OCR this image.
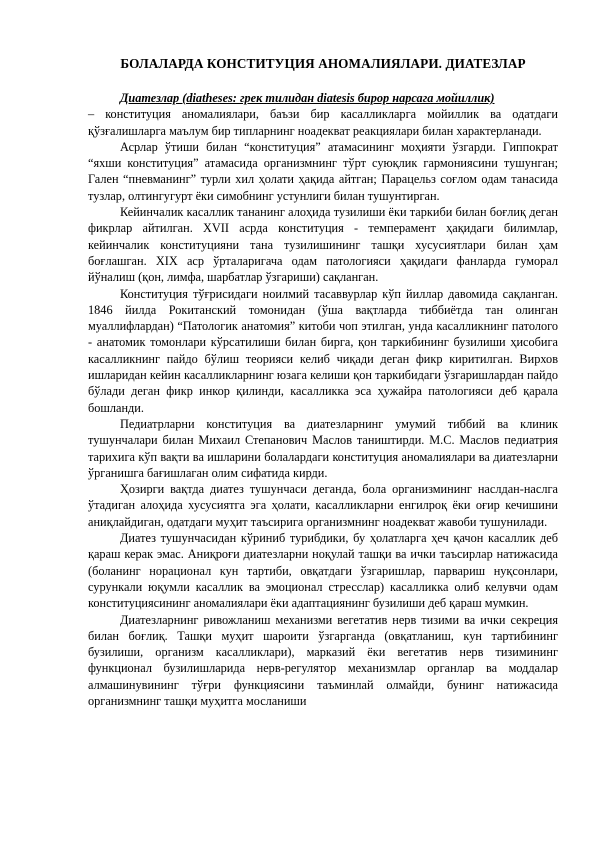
БОЛАЛАРДА КОНСТИТУЦИЯ АНОМАЛИЯЛАРИ. ДИАТЕЗЛАР

Диатезлар (diatheses: грек тилидан diatesis бирор нарсага мойиллик)
– конституция аномалиялари, баъзи бир касалликларга мойиллик ва одатдаги қўзғалишларга маълум бир типларнинг ноадекват реакциялари билан характерланади.

Асрлар ўтиши билан “конституция” атамасининг моҳияти ўзгарди. Гиппократ “яхши конституция” атамасида организмнинг тўрт суюқлик гармониясини тушунган; Гален “пневманинг” турли хил ҳолати ҳақида айтган; Парацельз соғлом одам танасида тузлар, олтингугурт ёки симобнинг устунлиги билан тушунтирган.

Кейинчалик касаллик тананинг алоҳида тузилиши ёки таркиби билан боғлиқ деган фикрлар айтилган. XVII асрда конституция - темперамент ҳақидаги билимлар, кейинчалик конституцияни тана тузилишининг ташқи хусусиятлари билан ҳам боғлашган. XIX аср ўрталаригача одам патологияси ҳақидаги фанларда гуморал йўналиш (қон, лимфа, шарбатлар ўзгариши) сақланган.

Конституция тўғрисидаги ноилмий тасаввурлар кўп йиллар давомида сақланган. 1846 йилда Рокитанский томонидан (ўша вақтларда тиббиётда тан олинган муаллифлардан) “Патологик анатомия” китоби чоп этилган, унда касалликнинг патолого - анатомик томонлари кўрсатилиши билан бирга, қон таркибининг бузилиши ҳисобига касалликнинг пайдо бўлиш теорияси келиб чиқади деган фикр киритилган. Вирхов ишларидан кейин касалликларнинг юзага келиши қон таркибидаги ўзгаришлардан пайдо бўлади деган фикр инкор қилинди, касалликка эса ҳужайра патологияси деб қарала бошланди.

Педиатрларни конституция ва диатезларнинг умумий тиббий ва клиник тушунчалари билан Михаил Степанович Маслов таништирди. М.С. Маслов педиатрия тарихига кўп вақти ва ишларини болалардаги конституция аномалиялари ва диатезларни ўрганишга бағишлаган олим сифатида кирди.

Ҳозирги вақтда диатез тушунчаси деганда, бола организмининг наслдан-наслга ўтадиган алоҳида хусусиятга эга ҳолати, касалликларни енгилроқ ёки оғир кечишини аниқлайдиган, одатдаги муҳит таъсирига организмнинг ноадекват жавоби тушунилади.

Диатез тушунчасидан кўриниб турибдики, бу ҳолатларга ҳеч қачон касаллик деб қараш керак эмас. Аниқроғи диатезларни ноқулай ташқи ва ички таъсирлар натижасида (боланинг норационал кун тартиби, овқатдаги ўзгаришлар, парвариш нуқсонлари, сурункали юқумли касаллик ва эмоционал стресслар) касалликка олиб келувчи одам конституциясининг аномалиялари ёки адаптациянинг бузилиши деб қараш мумкин.

Диатезларнинг ривожланиш механизми вегетатив нерв тизими ва ички секреция билан боғлиқ. Ташқи муҳит шароити ўзгарганда (овқатланиш, кун тартибининг бузилиши, организм касалликлари), марказий ёки вегетатив нерв тизимининг функционал бузилишларида нерв-регулятор механизмлар органлар ва моддалар алмашинувининг тўғри функциясини таъминлай олмайди, бунинг натижасида организмнинг ташқи муҳитга мосланиши
